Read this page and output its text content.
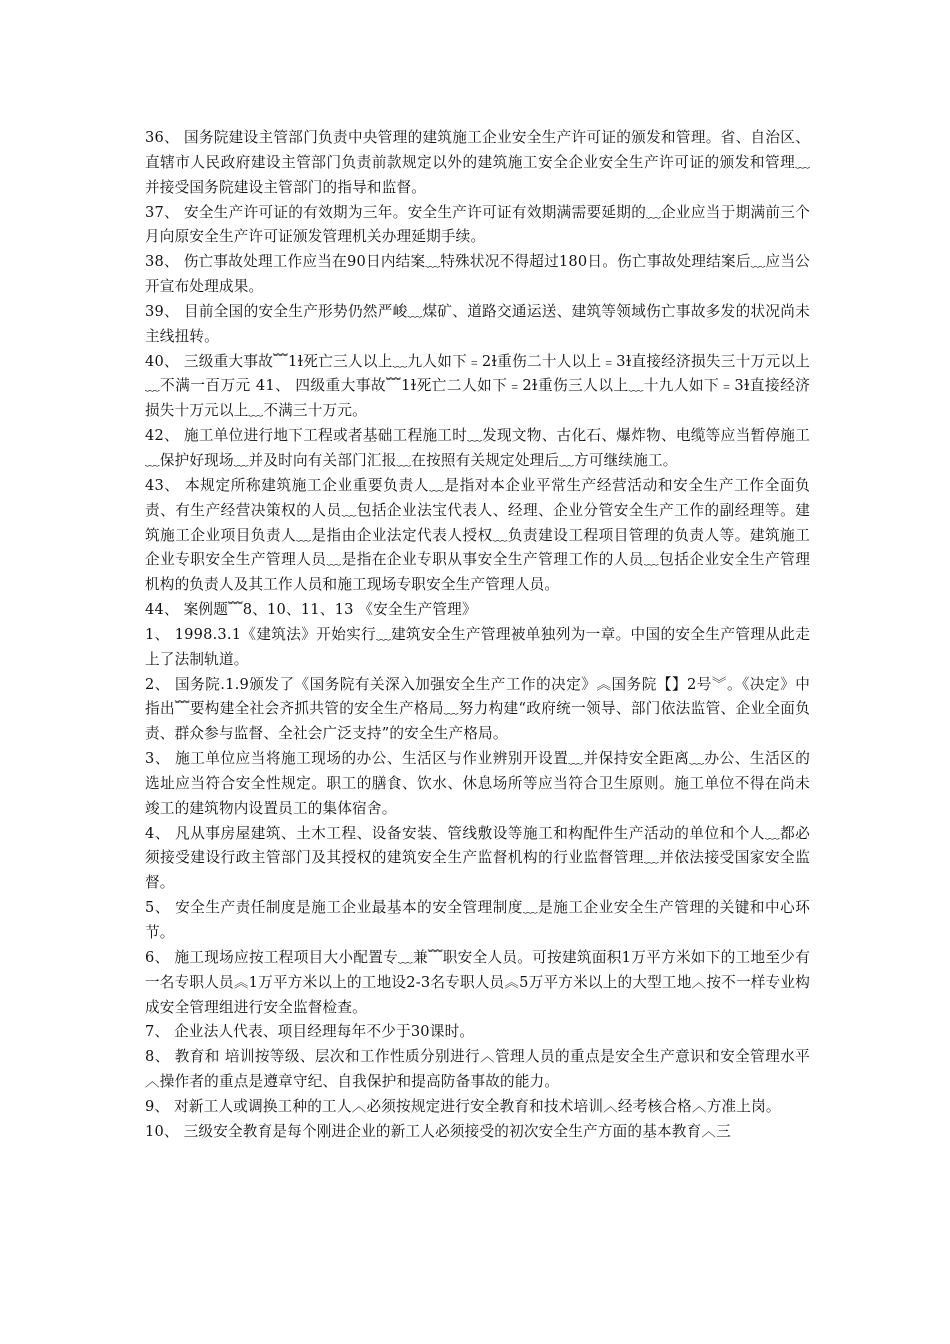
36、 国务院建设主管部门负责中央管理的建筑施工企业安全生产许可证的颁发和管理。省、自治区、直辖市人民政府建设主管部门负责前款规定以外的建筑施工安全企业安全生产许可证的颁发和管理﹏并接受国务院建设主管部门的指导和监督。

37、 安全生产许可证的有效期为三年。安全生产许可证有效期满需要延期的﹏企业应当于期满前三个月向原安全生产许可证颁发管理机关办理延期手续。

38、 伤亡事故处理工作应当在90日内结案﹏特殊状况不得超过180日。伤亡事故处理结案后﹏应当公开宣布处理成果。

39、 目前全国的安全生产形势仍然严峻﹏煤矿、道路交通运送、建筑等领域伤亡事故多发的状况尚未主线扭转。

40、 三级重大事故﹌1ɫ死亡三人以上﹏九人如下﹦2ɫ重伤二十人以上﹦3ɫ直接经济损失三十万元以上﹏不满一百万元 41、 四级重大事故﹌1ɫ死亡二人如下﹦2ɫ重伤三人以上﹏十九人如下﹦3ɫ直接经济损失十万元以上﹏不满三十万元。

42、 施工单位进行地下工程或者基础工程施工时﹏发现文物、古化石、爆炸物、电缆等应当暂停施工﹏保护好现场﹏并及时向有关部门汇报﹏在按照有关规定处理后﹏方可继续施工。

43、 本规定所称建筑施工企业重要负责人﹏是指对本企业平常生产经营活动和安全生产工作全面负责、有生产经营决策权的人员﹏包括企业法宝代表人、经理、企业分管安全生产工作的副经理等。建筑施工企业项目负责人﹏是指由企业法定代表人授权﹏负责建设工程项目管理的负责人等。建筑施工企业专职安全生产管理人员﹏是指在企业专职从事安全生产管理工作的人员﹏包括企业安全生产管理机构的负责人及其工作人员和施工现场专职安全生产管理人员。

44、 案例题﹌8、10、11、13 《安全生产管理》

1、 1998.3.1《建筑法》开始实行﹏建筑安全生产管理被单独列为一章。中国的安全生产管理从此走上了法制轨道。

2、 国务院.1.9颁发了《国务院有关深入加强安全生产工作的决定》︽国务院【】2号︾。《决定》中指出﹌要构建全社会齐抓共管的安全生产格局﹏努力构建“政府统一领导、部门依法监管、企业全面负责、群众参与监督、全社会广泛支持”的安全生产格局。

3、 施工单位应当将施工现场的办公、生活区与作业辨别开设置﹏并保持安全距离﹏办公、生活区的选址应当符合安全性规定。职工的膳食、饮水、休息场所等应当符合卫生原则。施工单位不得在尚未竣工的建筑物内设置员工的集体宿舍。

4、 凡从事房屋建筑、土木工程、设备安装、管线敷设等施工和构配件生产活动的单位和个人﹏都必须接受建设行政主管部门及其授权的建筑安全生产监督机构的行业监督管理﹏并依法接受国家安全监督。

5、 安全生产责任制度是施工企业最基本的安全管理制度﹏是施工企业安全生产管理的关键和中心环节。

6、 施工现场应按工程项目大小配置专﹏兼﹌职安全人员。可按建筑面积1万平方米如下的工地至少有一名专职人员︽1万平方米以上的工地设2-3名专职人员︽5万平方米以上的大型工地︿按不一样专业构成安全管理组进行安全监督检查。

7、 企业法人代表、项目经理每年不少于30课时。

8、 教育和 培训按等级、层次和工作性质分别进行︿管理人员的重点是安全生产意识和安全管理水平︿操作者的重点是遵章守纪、自我保护和提高防备事故的能力。

9、 对新工人或调换工种的工人︿必须按规定进行安全教育和技术培训︿经考核合格︿方准上岗。

10、 三级安全教育是每个刚进企业的新工人必须接受的初次安全生产方面的基本教育︿三
